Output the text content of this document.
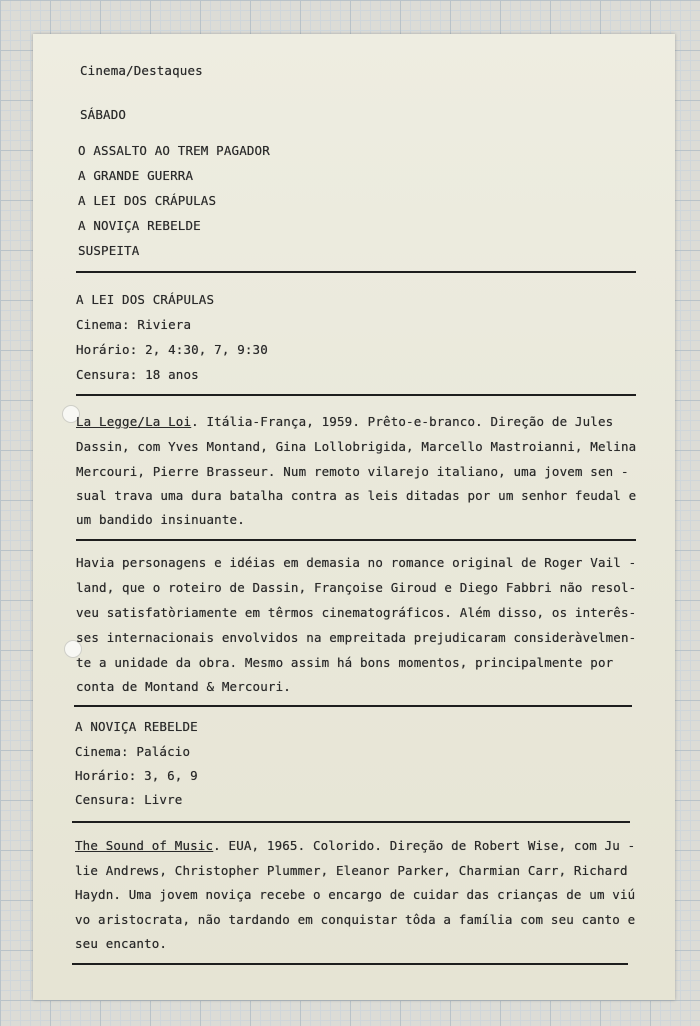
Cinema/Destaques
SÁBADO
O ASSALTO AO TREM PAGADOR
A GRANDE GUERRA
A LEI DOS CRÁPULAS
A NOVIÇA REBELDE
SUSPEITA
A LEI DOS CRÁPULAS
Cinema: Riviera
Horário: 2, 4:30, 7, 9:30
Censura: 18 anos
La Legge/La Loi. Itália-França, 1959. Prêto-e-branco. Direção de Jules
Dassin, com Yves Montand, Gina Lollobrigida, Marcello Mastroianni, Melina
Mercouri, Pierre Brasseur. Num remoto vilarejo italiano, uma jovem sen -
sual trava uma dura batalha contra as leis ditadas por um senhor feudal e
um bandido insinuante.
Havia personagens e idéias em demasia no romance original de Roger Vail -
land, que o roteiro de Dassin, Françoise Giroud e Diego Fabbri não resol-
veu satisfatòriamente em têrmos cinematográficos. Além disso, os interês-
ses internacionais envolvidos na empreitada prejudicaram consideràvelmen-
te a unidade da obra. Mesmo assim há bons momentos, principalmente por
conta de Montand & Mercouri.
A NOVIÇA REBELDE
Cinema: Palácio
Horário: 3, 6, 9
Censura: Livre
The Sound of Music. EUA, 1965. Colorido. Direção de Robert Wise, com Ju -
lie Andrews, Christopher Plummer, Eleanor Parker, Charmian Carr, Richard
Haydn. Uma jovem noviça recebe o encargo de cuidar das crianças de um viú
vo aristocrata, não tardando em conquistar tôda a família com seu canto e
seu encanto.
